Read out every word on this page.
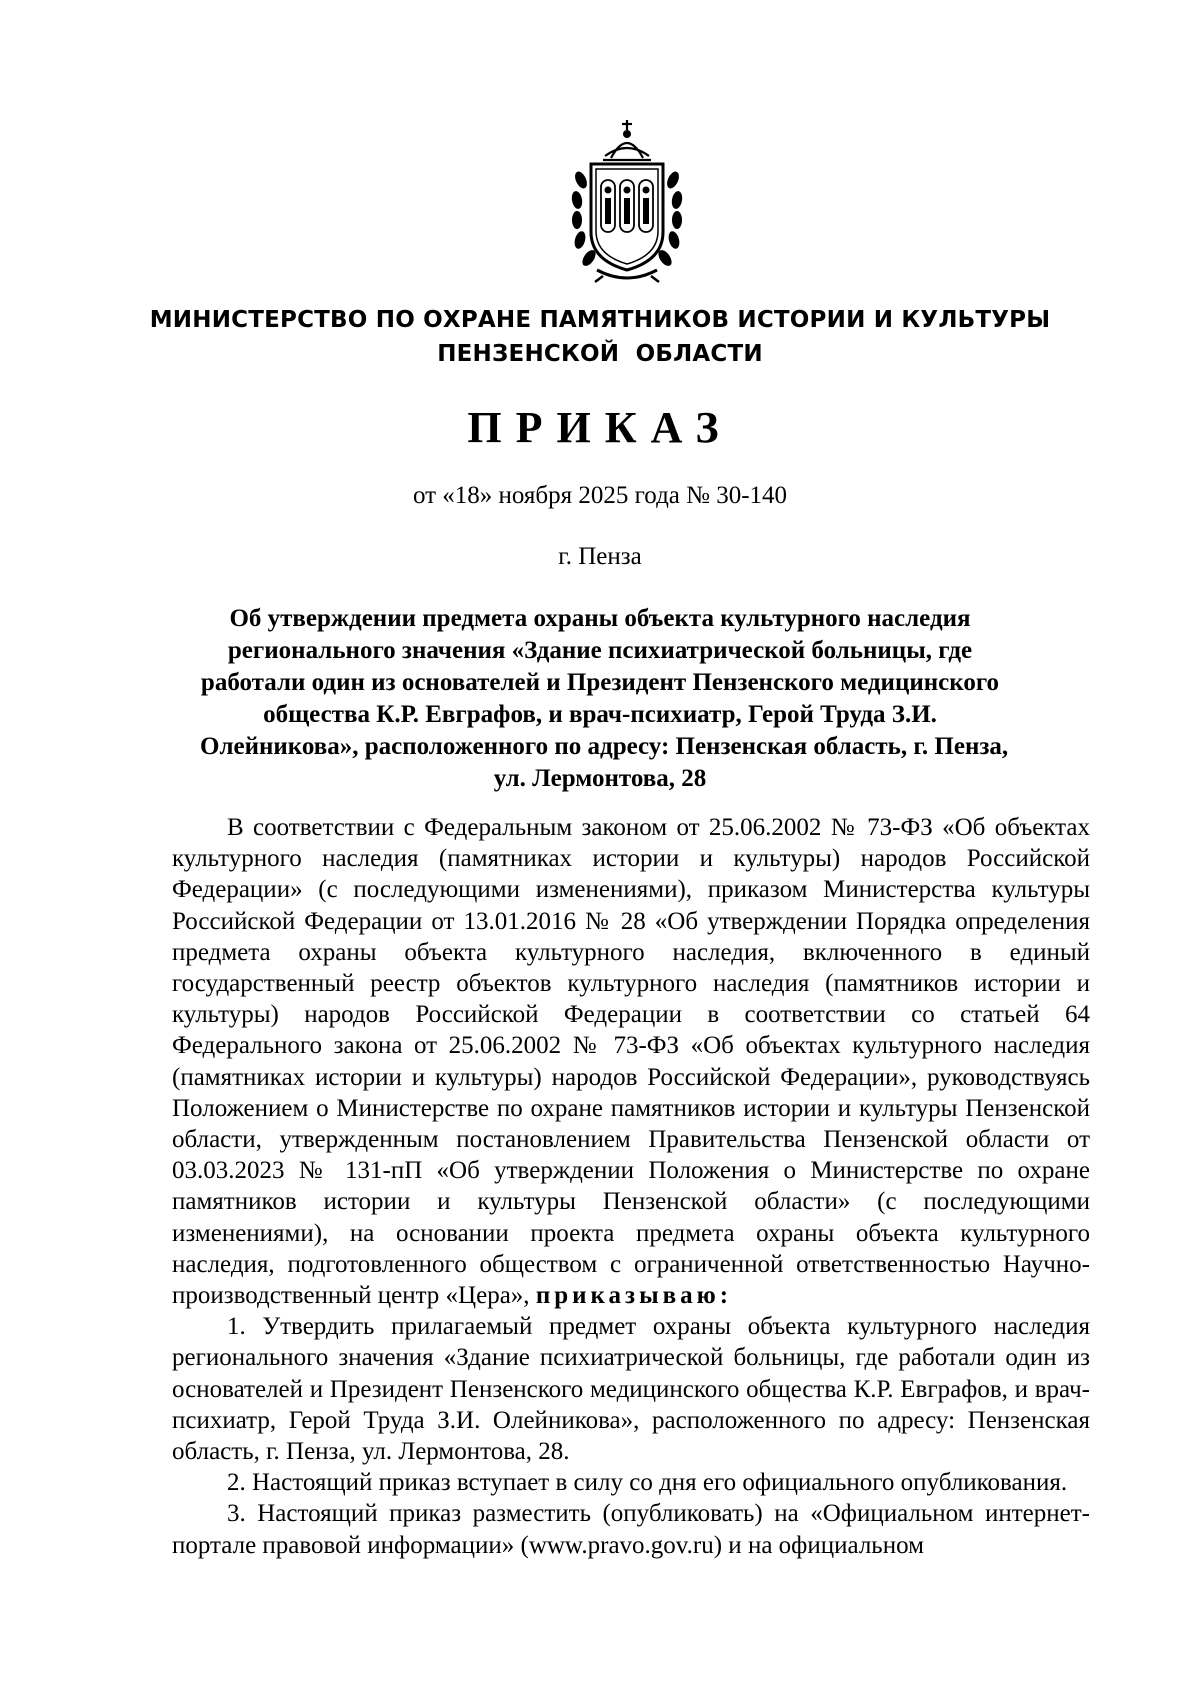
МИНИСТЕРСТВО ПО ОХРАНЕ ПАМЯТНИКОВ ИСТОРИИ И КУЛЬТУРЫ
ПЕНЗЕНСКОЙ  ОБЛАСТИ
ПРИКАЗ
от «18» ноября 2025 года № 30-140
г. Пенза
Об утверждении предмета охраны объекта культурного наследия
регионального значения «Здание психиатрической больницы, где
работали один из основателей и Президент Пензенского медицинского
общества К.Р. Евграфов, и врач-психиатр, Герой Труда З.И.
Олейникова», расположенного по адресу: Пензенская область, г. Пенза,
ул. Лермонтова, 28

В соответствии с Федеральным законом от 25.06.2002 № 73-ФЗ «Об объектах культурного наследия (памятниках истории и культуры) народов Российской Федерации» (с последующими изменениями), приказом Министерства культуры Российской Федерации от 13.01.2016 № 28 «Об утверждении Порядка определения предмета охраны объекта культурного наследия, включенного в единый государственный реестр объектов культурного наследия (памятников истории и культуры) народов Российской Федерации в соответствии со статьей 64 Федерального закона от 25.06.2002 № 73-ФЗ «Об объектах культурного наследия (памятниках истории и культуры) народов Российской Федерации», руководствуясь Положением о Министерстве по охране памятников истории и культуры Пензенской области, утвержденным постановлением Правительства Пензенской области от 03.03.2023 № 131-пП «Об утверждении Положения о Министерстве по охране памятников истории и культуры Пензенской области» (с последующими изменениями), на основании проекта предмета охраны объекта культурного наследия, подготовленного обществом с ограниченной ответственностью Научно-производственный центр «Цера», приказываю:

1. Утвердить прилагаемый предмет охраны объекта культурного наследия регионального значения «Здание психиатрической больницы, где работали один из основателей и Президент Пензенского медицинского общества К.Р. Евграфов, и врач-психиатр, Герой Труда З.И. Олейникова», расположенного по адресу: Пензенская область, г. Пенза, ул. Лермонтова, 28.

2. Настоящий приказ вступает в силу со дня его официального опубликования.

3. Настоящий приказ разместить (опубликовать) на «Официальном интернет-портале правовой информации» (www.pravo.gov.ru) и на официальном
